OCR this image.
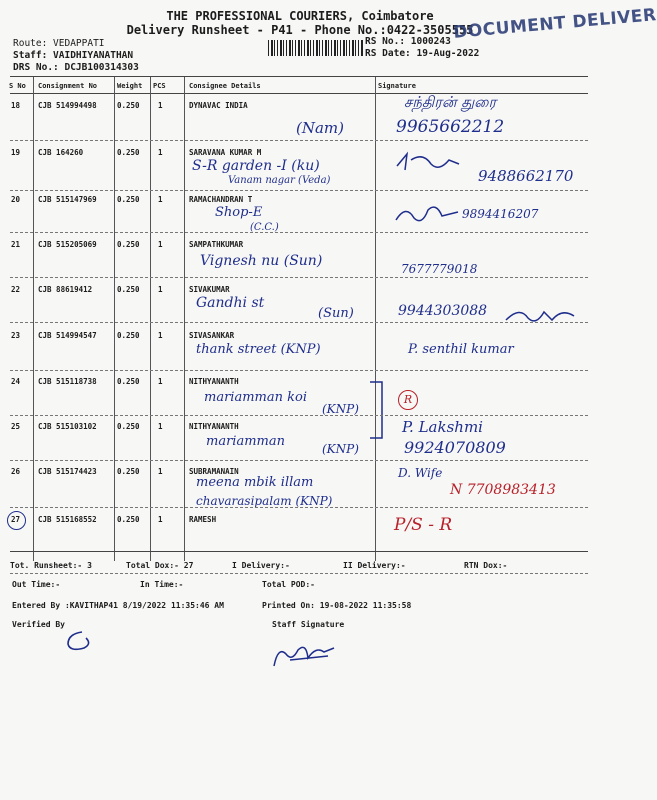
THE PROFESSIONAL COURIERS, Coimbatore
Delivery Runsheet - P41 - Phone No.:0422-3505555
DOCUMENT DELIVER
Route: VEDAPPATI
Staff: VAIDHIYANATHAN
DRS No.: DCJB100314303
RS No.: 1000243
RS Date: 19-Aug-2022
S No Consignment No	Weight PCS	Consignee Details	Signature
18 CJB 514994498	0.250 1	DYNAVAC INDIA
(Nam)
சந்திரன் துரை
9965662212
19 CJB 164260	0.250 1	SARAVANA KUMAR M
S-R garden -I (ku)
Vanam nagar (Veda)	9488662170
20 CJB 515147969	0.250 1	RAMACHANDRAN T
Shop-E
(C.C.)
9894416207
21 CJB 515205069	0.250 1	SAMPATHKUMAR
Vignesh nu (Sun)	7677779018
22 CJB 88619412	0.250 1	SIVAKUMAR
Gandhi st
(Sun)	9944303088
23 CJB 514994547	0.250 1	SIVASANKAR
thank street (KNP)	P. senthil kumar
24 CJB 515118738	0.250 1	NITHYANANTH
mariamman koi
(KNP)
R
25 CJB 515103102	0.250 1	NITHYANANTH
mariamman	(KNP)
P. Lakshmi
9924070809
26 CJB 515174423	0.250 1	SUBRAMANAIN
meena mbik illam
chavarasipalam (KNP)
D. Wife
N 7708983413
27 CJB 515168552	0.250 1	RAMESH	P/S - R
Tot. Runsheet:- 3	Total Dox:- 27	I Delivery:-	II Delivery:-	RTN Dox:-
Out Time:-	In Time:-	Total POD:-
Entered By :KAVITHAP41 8/19/2022 11:35:46 AM	Printed On: 19-08-2022 11:35:58
Verified By	Staff Signature
